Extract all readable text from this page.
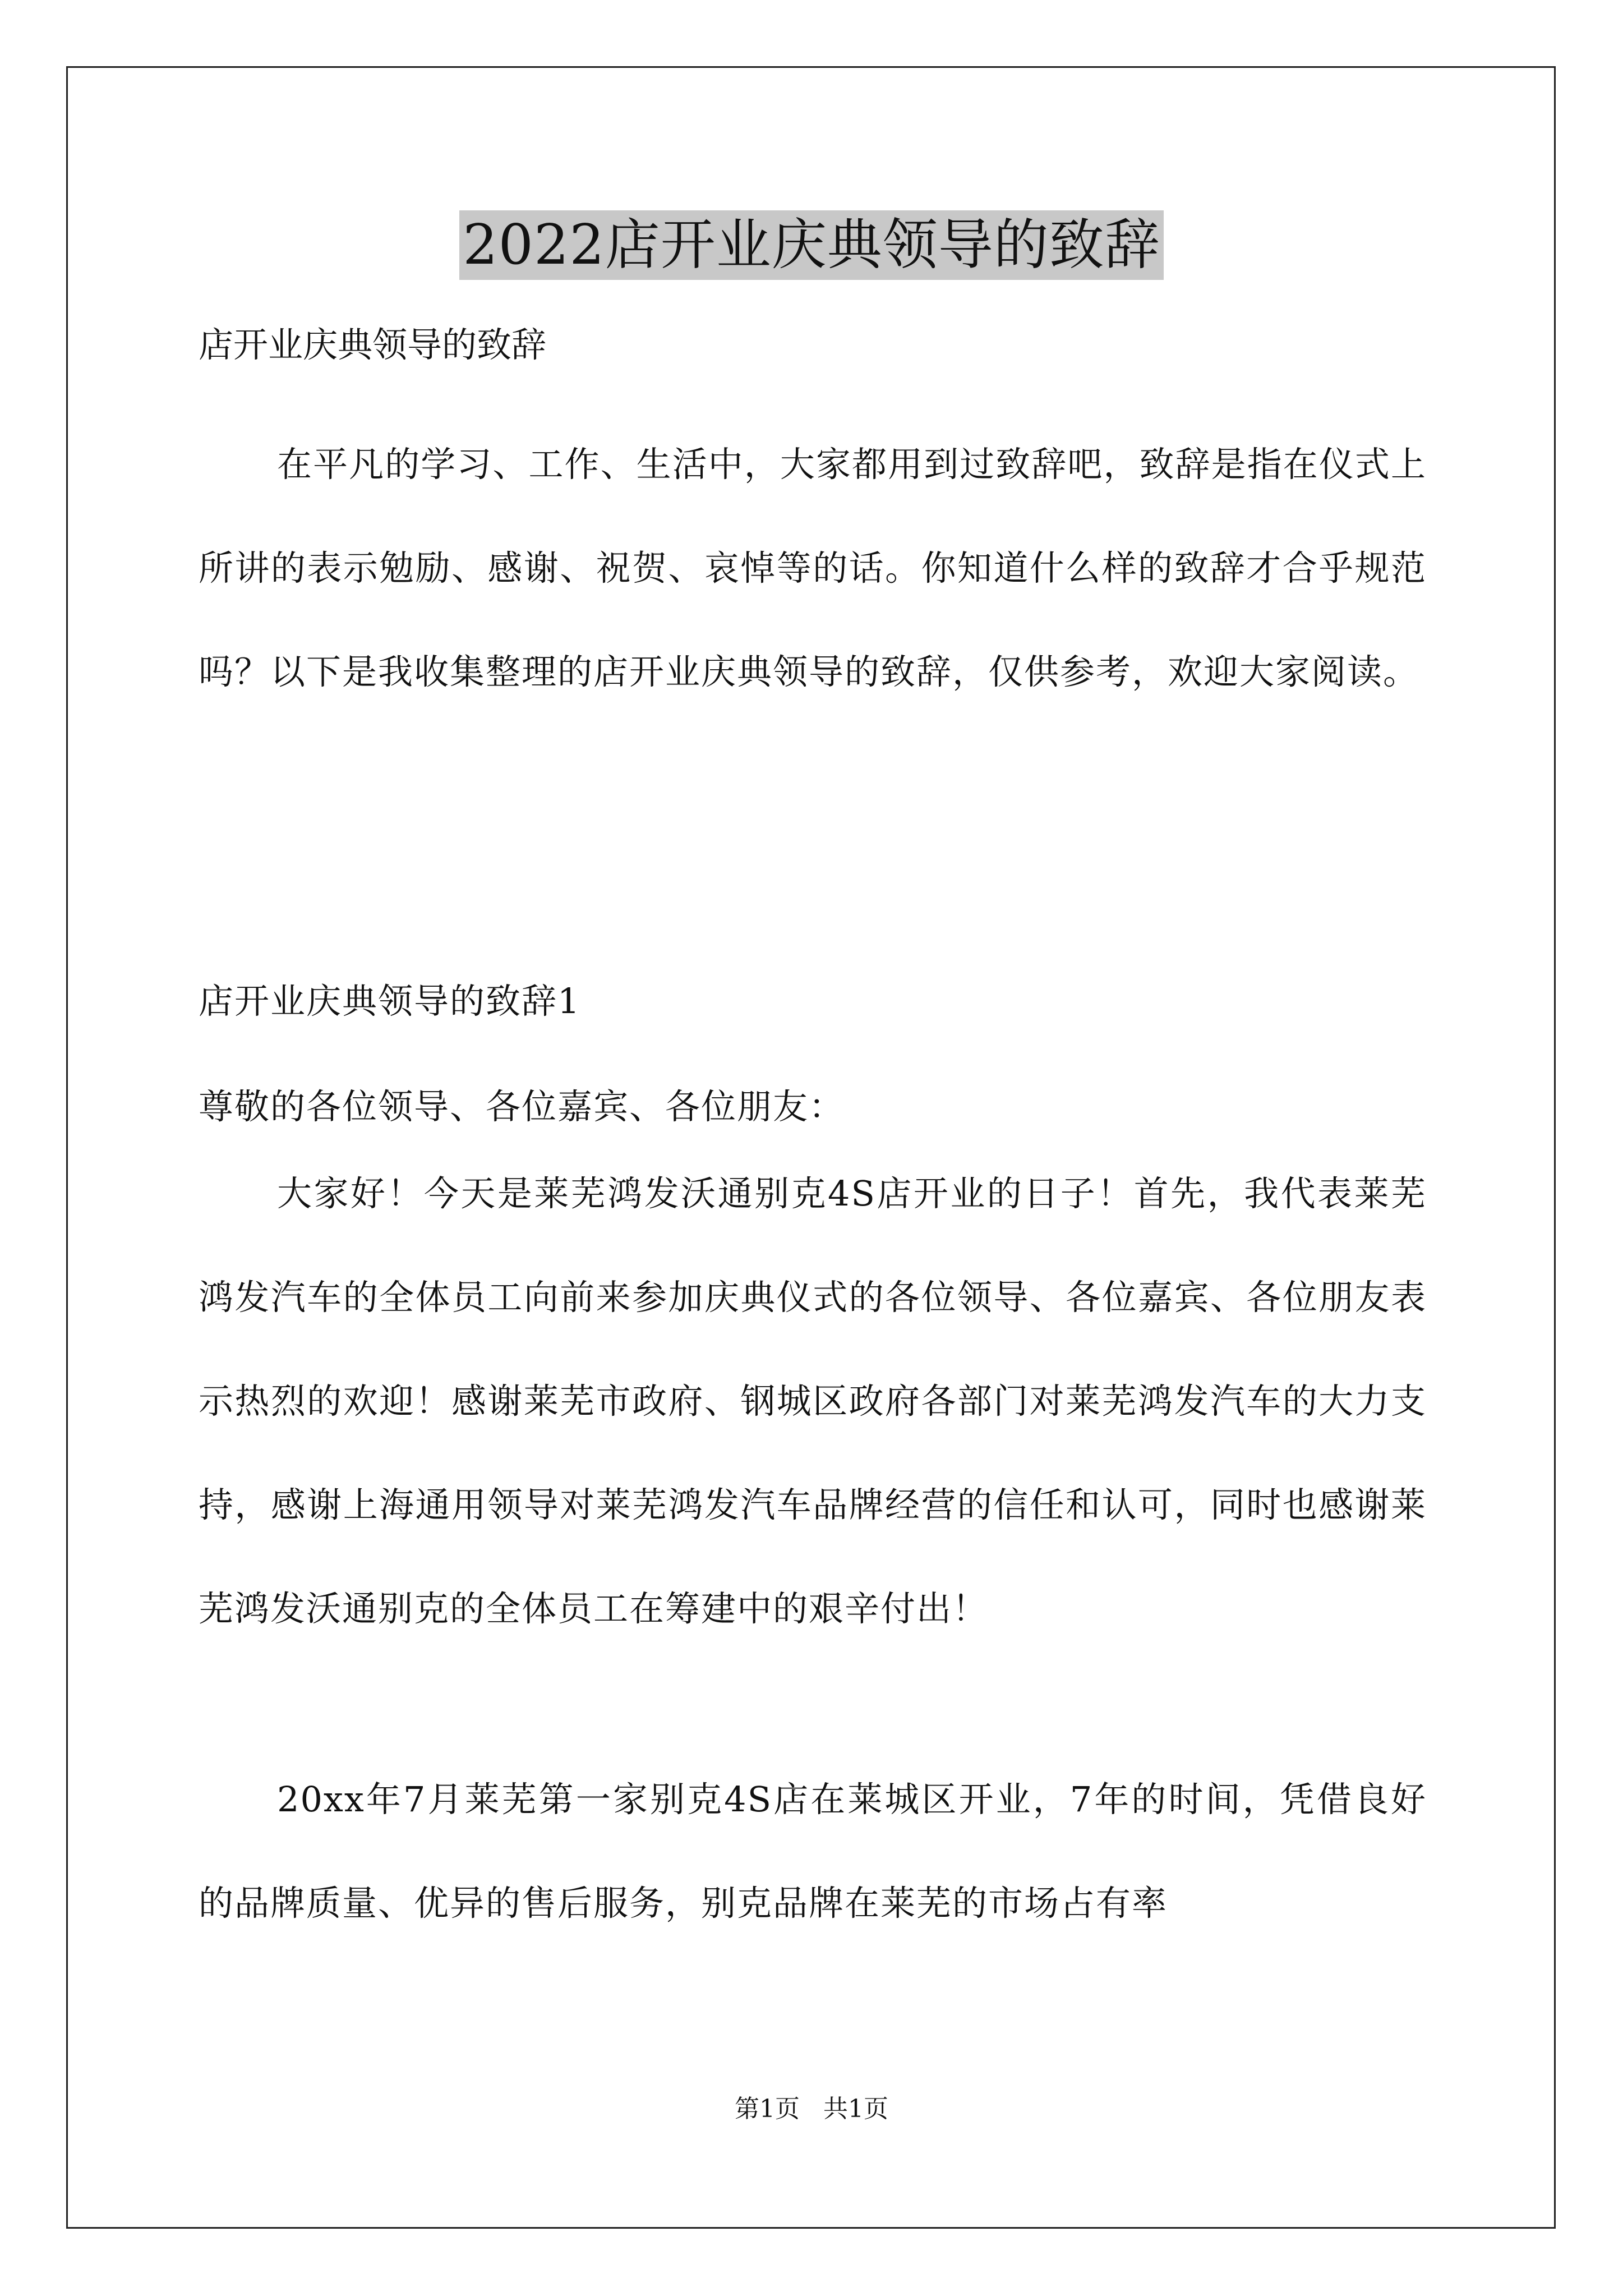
2022店开业庆典领导的致辞
店开业庆典领导的致辞
在平凡的学习、工作、生活中，大家都用到过致辞吧，致辞是指在仪式上所讲的表示勉励、感谢、祝贺、哀悼等的话。你知道什么样的致辞才合乎规范吗？以下是我收集整理的店开业庆典领导的致辞，仅供参考，欢迎大家阅读。
店开业庆典领导的致辞1
尊敬的各位领导、各位嘉宾、各位朋友：
大家好！今天是莱芜鸿发沃通别克4S店开业的日子！首先，我代表莱芜鸿发汽车的全体员工向前来参加庆典仪式的各位领导、各位嘉宾、各位朋友表示热烈的欢迎！感谢莱芜市政府、钢城区政府各部门对莱芜鸿发汽车的大力支持，感谢上海通用领导对莱芜鸿发汽车品牌经营的信任和认可，同时也感谢莱芜鸿发沃通别克的全体员工在筹建中的艰辛付出！
20xx年7月莱芜第一家别克4S店在莱城区开业，7年的时间，凭借良好的品牌质量、优异的售后服务，别克品牌在莱芜的市场占有率
第1页 共1页
